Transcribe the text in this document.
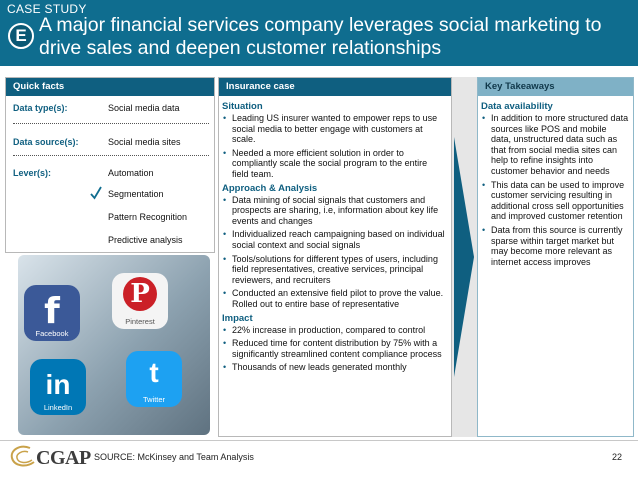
CASE STUDY
E A major financial services company leverages social marketing to drive sales and deepen customer relationships
Quick facts
Data type(s):	Social media data
Data source(s):	Social media sites
Lever(s):	Automation
Segmentation
Pattern Recognition
Predictive analysis
f
Facebook
P
Pinterest
in
LinkedIn
t
Twitter
Insurance case
Situation
• Leading US insurer wanted to empower reps to use social media to better engage with customers at scale.
• Needed a more efficient solution in order to compliantly scale the social program to the entire field team.
Approach & Analysis
• Data mining of social signals that customers and prospects are sharing, i.e, information about key life events and changes
• Individualized reach campaigning based on individual social context and social signals
• Tools/solutions for different types of users, including field representatives, creative services, principal reviewers, and recruiters
• Conducted an extensive field pilot to prove the value. Rolled out to entire base of representative
Impact
• 22% increase in production, compared to control
• Reduced time for content distribution by 75% with a significantly streamlined content compliance process
• Thousands of new leads generated monthly
Key Takeaways
Data availability
• In addition to more structured data sources like POS and mobile data, unstructured data such as that from social media sites can help to refine insights into customer behavior and needs
• This data can be used to improve customer servicing resulting in additional cross sell opportunities and improved customer retention
• Data from this source is currently sparse within target market but may become more relevant as internet access improves
CGAP SOURCE: McKinsey and Team Analysis	22
